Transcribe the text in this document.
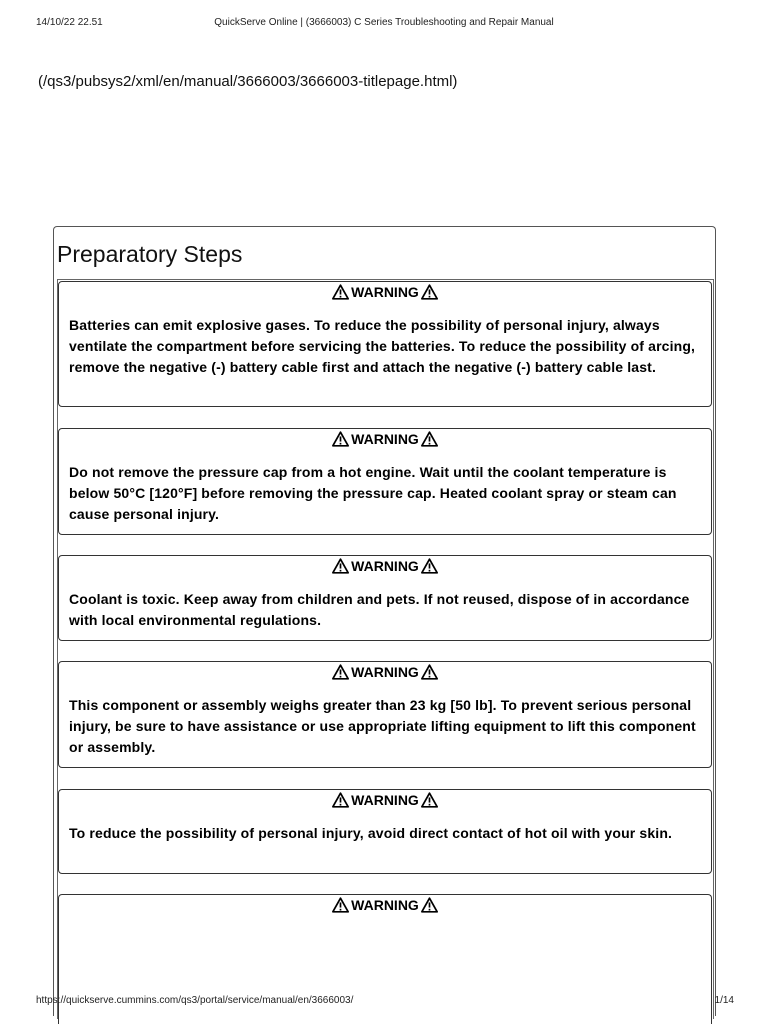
14/10/22 22.51	QuickServe Online | (3666003) C Series Troubleshooting and Repair Manual
(/qs3/pubsys2/xml/en/manual/3666003/3666003-titlepage.html)
Preparatory Steps
WARNING

Batteries can emit explosive gases. To reduce the possibility of personal injury, always ventilate the compartment before servicing the batteries. To reduce the possibility of arcing, remove the negative (-) battery cable first and attach the negative (-) battery cable last.

WARNING

Do not remove the pressure cap from a hot engine. Wait until the coolant temperature is below 50°C [120°F] before removing the pressure cap. Heated coolant spray or steam can cause personal injury.

WARNING

Coolant is toxic. Keep away from children and pets. If not reused, dispose of in accordance with local environmental regulations.

WARNING

This component or assembly weighs greater than 23 kg [50 lb]. To prevent serious personal injury, be sure to have assistance or use appropriate lifting equipment to lift this component or assembly.

WARNING

To reduce the possibility of personal injury, avoid direct contact of hot oil with your skin.

WARNING

https://quickserve.cummins.com/qs3/portal/service/manual/en/3666003/	1/14
